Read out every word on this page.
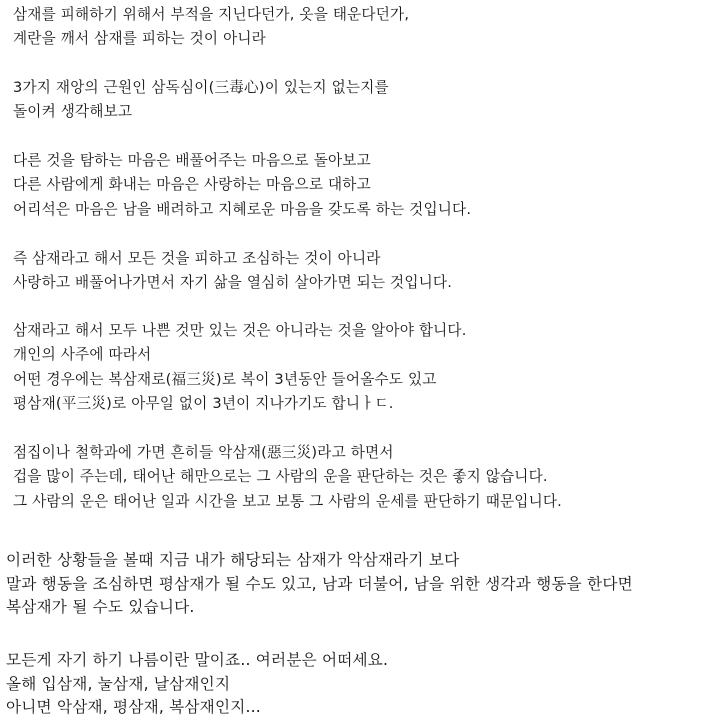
삼재를 피해하기 위해서 부적을 지닌다던가, 옷을 태운다던가,
계란을 깨서 삼재를 피하는 것이 아니라
3가지 재앙의 근원인 삼독심이(三毒心)이 있는지 없는지를
돌이켜 생각해보고
다른 것을 탐하는 마음은 배풀어주는 마음으로 돌아보고
다른 사람에게 화내는 마음은 사랑하는 마음으로 대하고
어리석은 마음은 남을 배려하고 지혜로운 마음을 갖도록 하는 것입니다.
즉 삼재라고 해서 모든 것을 피하고 조심하는 것이 아니라
사랑하고 배풀어나가면서 자기 삶을 열심히 살아가면 되는 것입니다.
삼재라고 해서 모두 나쁜 것만 있는 것은 아니라는 것을 알아야 합니다.
개인의 사주에 따라서
어떤 경우에는 복삼재로(福三災)로 복이 3년동안 들어올수도 있고
평삼재(平三災)로 아무일 없이 3년이 지나가기도 합니ㅏㄷ.
점집이나 철학과에 가면 흔히들 악삼재(惡三災)라고 하면서
겁을 많이 주는데, 태어난 해만으로는 그 사람의 운을 판단하는 것은 좋지 않습니다.
그 사람의 운은 태어난 일과 시간을 보고 보통 그 사람의 운세를 판단하기 때문입니다.
이러한 상황들을 볼때 지금 내가 해당되는 삼재가 악삼재라기 보다
말과 행동을 조심하면 평삼재가 될 수도 있고, 남과 더불어, 남을 위한 생각과 행동을 한다면
복삼재가 될 수도 있습니다.
모든게 자기 하기 나름이란 말이죠.. 여러분은 어떠세요.
올해 입삼재, 눌삼재, 날삼재인지
아니면 악삼재, 평삼재, 복삼재인지...
